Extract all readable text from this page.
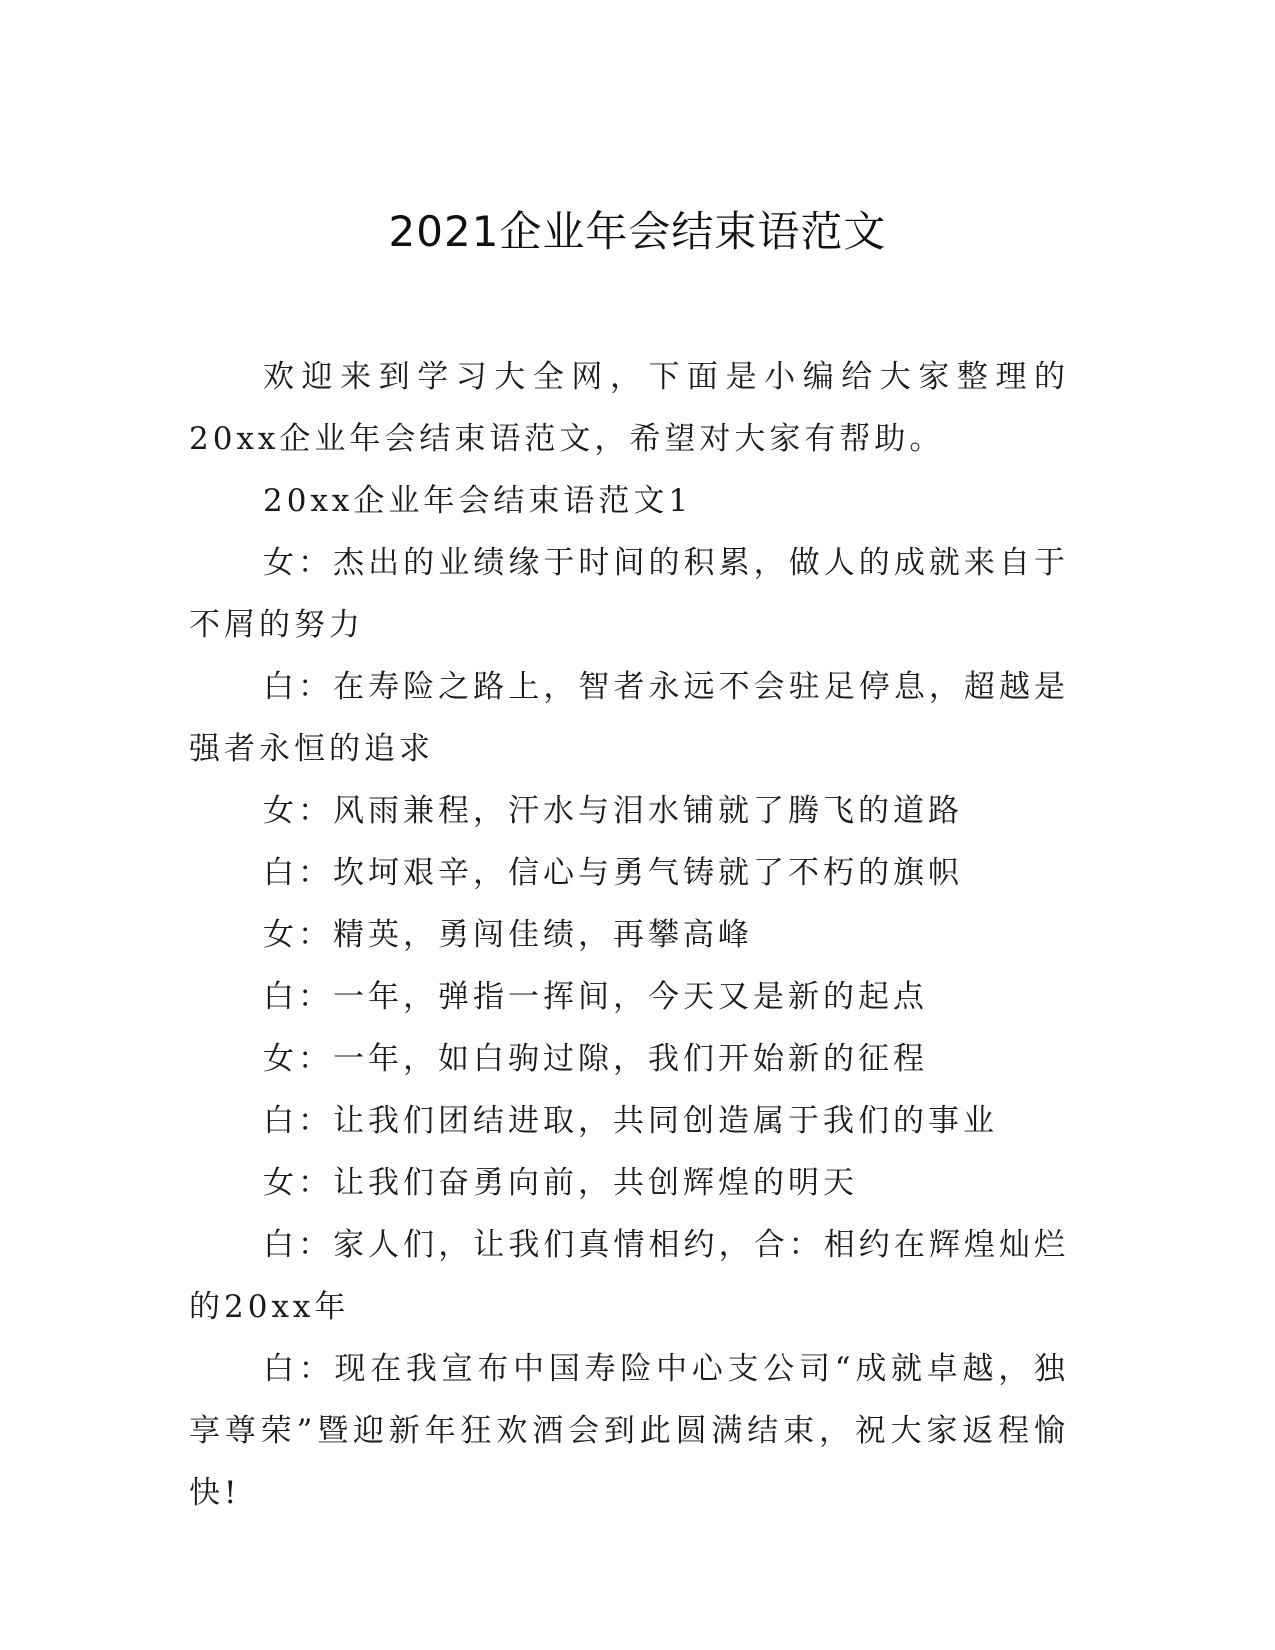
2021企业年会结束语范文

欢迎来到学习大全网，下面是小编给大家整理的20xx企业年会结束语范文，希望对大家有帮助。

20xx企业年会结束语范文1

女：杰出的业绩缘于时间的积累，做人的成就来自于不屑的努力

白：在寿险之路上，智者永远不会驻足停息，超越是强者永恒的追求

女：风雨兼程，汗水与泪水铺就了腾飞的道路

白：坎坷艰辛，信心与勇气铸就了不朽的旗帜

女：精英，勇闯佳绩，再攀高峰

白：一年，弹指一挥间，今天又是新的起点

女：一年，如白驹过隙，我们开始新的征程

白：让我们团结进取，共同创造属于我们的事业

女：让我们奋勇向前，共创辉煌的明天

白：家人们，让我们真情相约，合：相约在辉煌灿烂的20xx年

白：现在我宣布中国寿险中心支公司“成就卓越，独享尊荣”暨迎新年狂欢酒会到此圆满结束，祝大家返程愉快!
